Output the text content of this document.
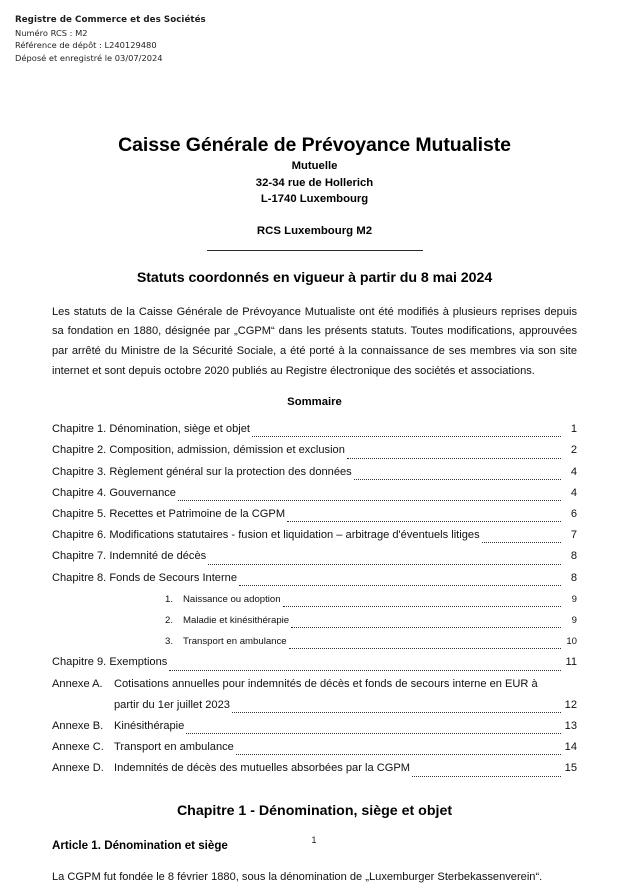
Registre de Commerce et des Sociétés
Numéro RCS : M2
Référence de dépôt : L240129480
Déposé et enregistré le 03/07/2024
Caisse Générale de Prévoyance Mutualiste
Mutuelle
32-34 rue de Hollerich
L-1740 Luxembourg
RCS Luxembourg M2
Statuts coordonnés en vigueur à partir du 8 mai 2024
Les statuts de la Caisse Générale de Prévoyance Mutualiste ont été modifiés à plusieurs reprises depuis sa fondation en 1880, désignée par „CGPM“ dans les présents statuts. Toutes modifications, approuvées par arrêté du Ministre de la Sécurité Sociale, a été porté à la connaissance de ses membres via son site internet et sont depuis octobre 2020 publiés au Registre électronique des sociétés et associations.
Sommaire
Chapitre 1. Dénomination, siège et objet	1
Chapitre 2. Composition, admission, démission et exclusion	2
Chapitre 3. Règlement général sur la protection des données	4
Chapitre 4. Gouvernance	4
Chapitre 5. Recettes et Patrimoine de la CGPM	6
Chapitre 6. Modifications statutaires - fusion et liquidation – arbitrage d'éventuels litiges	7
Chapitre 7. Indemnité de décès	8
Chapitre 8. Fonds de Secours Interne	8
1.	Naissance ou adoption	9
2.	Maladie et kinésithérapie	9
3.	Transport en ambulance	10
Chapitre 9. Exemptions	11
Annexe A.	Cotisations annuelles pour indemnités de décès et fonds de secours interne en EUR à
partir du 1er juillet 2023	12
Annexe B. Kinésithérapie	13
Annexe C. Transport en ambulance	14
Annexe D. Indemnités de décès des mutuelles absorbées par la CGPM	15
Chapitre 1 - Dénomination, siège et objet
Article 1. Dénomination et siège
La CGPM fut fondée le 8 février 1880, sous la dénomination de „Luxemburger Sterbekassenverein“.
1
